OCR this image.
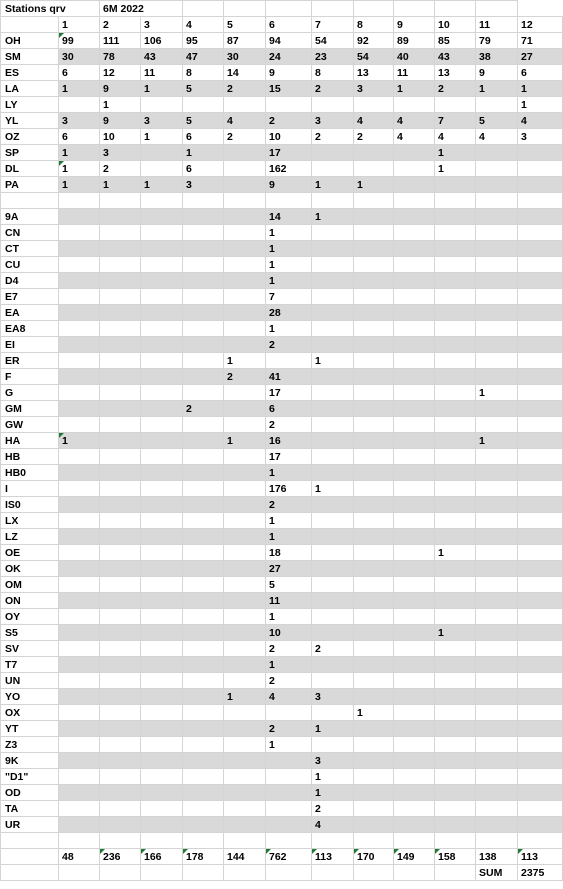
Stations qrv		6M 2022										
	1	2	3	4	5	6	7	8	9	10	11	12
OH	99	111	106	95	87	94	54	92	89	85	79	71
SM	30	78	43	47	30	24	23	54	40	43	38	27
ES	6	12	11	8	14	9	8	13	11	13	9	6
LA	1	9	1	5	2	15	2	3	1	2	1	1
LY		1										1
YL	3	9	3	5	4	2	3	4	4	7	5	4
OZ	6	10	1	6	2	10	2	2	4	4	4	3
SP	1	3		1		17				1		
DL	1	2		6		162				1		
PA	1	1	1	3		9	1	1				

9A						14	1					
CN						1						
CT						1						
CU						1						
D4						1						
E7						7						
EA						28						
EA8						1						
EI						2						
ER					1		1					
F					2	41						
G						17					1	
GM				2		6						
GW						2						
HA	1				1	16					1	
HB						17						
HB0						1						
I						176	1					
IS0						2						
LX						1						
LZ						1						
OE						18				1		
OK						27						
OM						5						
ON						11						
OY						1						
S5						10				1		
SV						2	2					
T7						1						
UN						2						
YO					1	4	3					
OX								1				
YT						2	1					
Z3						1						
9K							3					
"D1"							1					
OD							1					
TA							2					
UR							4					

	48	236	166	178	144	762	113	170	149	158	138	113
											SUM	2375
